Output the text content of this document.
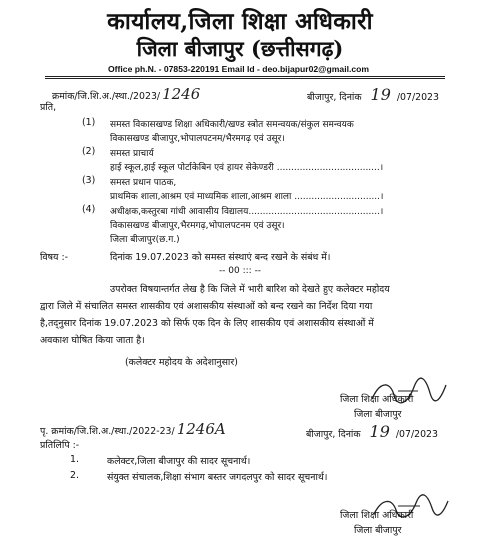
कार्यालय,जिला शिक्षा अधिकारी
जिला बीजापुर (छत्तीसगढ़)
Office ph.N. - 07853-220191 Email Id - deo.bijapur02@gmail.com
क्रमांक/जि.शि.अ./स्था./2023/ 1246	बीजापुर, दिनांक 19 /07/2023
प्रति,
(1) समस्त विकासखण्ड शिक्षा अधिकारी/खण्ड स्त्रोत समन्वयक/संकुल समन्वयक
विकासखण्ड बीजापुर,भोपालपटनम/भैरमगढ़ एवं उसूर।
(2) समस्त प्राचार्य
हाई स्कूल,हाई स्कूल पोर्टाकेबिन एवं हायर सेकेण्डरी ....................................।
(3) समस्त प्रधान पाठक,
प्राथमिक शाला,आश्रम एवं माध्यमिक शाला,आश्रम शाला ..............................।
(4) अधीक्षक,कस्तुरबा गांधी आवासीय विद्यालय..............................................।
विकासखण्ड बीजापुर,भैरमगढ़,भोपालपटनम एवं उसूर।
जिला बीजापुर(छ.ग.)
विषय :-	दिनांक 19.07.2023 को समस्त संस्थाएं बन्द रखने के संबंध में।
-- 00 ::: --
उपरोक्त विषयान्तर्गत लेख है कि जिले में भारी बारिश को देखते हुए कलेक्टर महोदय
द्वारा जिले में संचालित समस्त शासकीय एवं अशासकीय संस्थाओं को बन्द रखने का निर्देश दिया गया
है,तद्नुसार दिनांक 19.07.2023 को सिर्फ एक दिन के लिए शासकीय एवं अशासकीय संस्थाओं में
अवकाश घोषित किया जाता है।
(कलेक्टर महोदय के अदेशानुसार)
जिला शिक्षा अधिकारी
जिला बीजापुर
पृ. क्रमांक/जि.शि.अ./स्था./2022-23/ 1246A	बीजापुर, दिनांक 19 /07/2023
प्रतिलिपि :-
1.	कलेक्टर,जिला बीजापुर की सादर सूचनार्थ।
2.	संयुक्त संचालक,शिक्षा संभाग बस्तर जगदलपुर को सादर सूचनार्थ।
जिला शिक्षा अधिकारी
जिला बीजापुर
